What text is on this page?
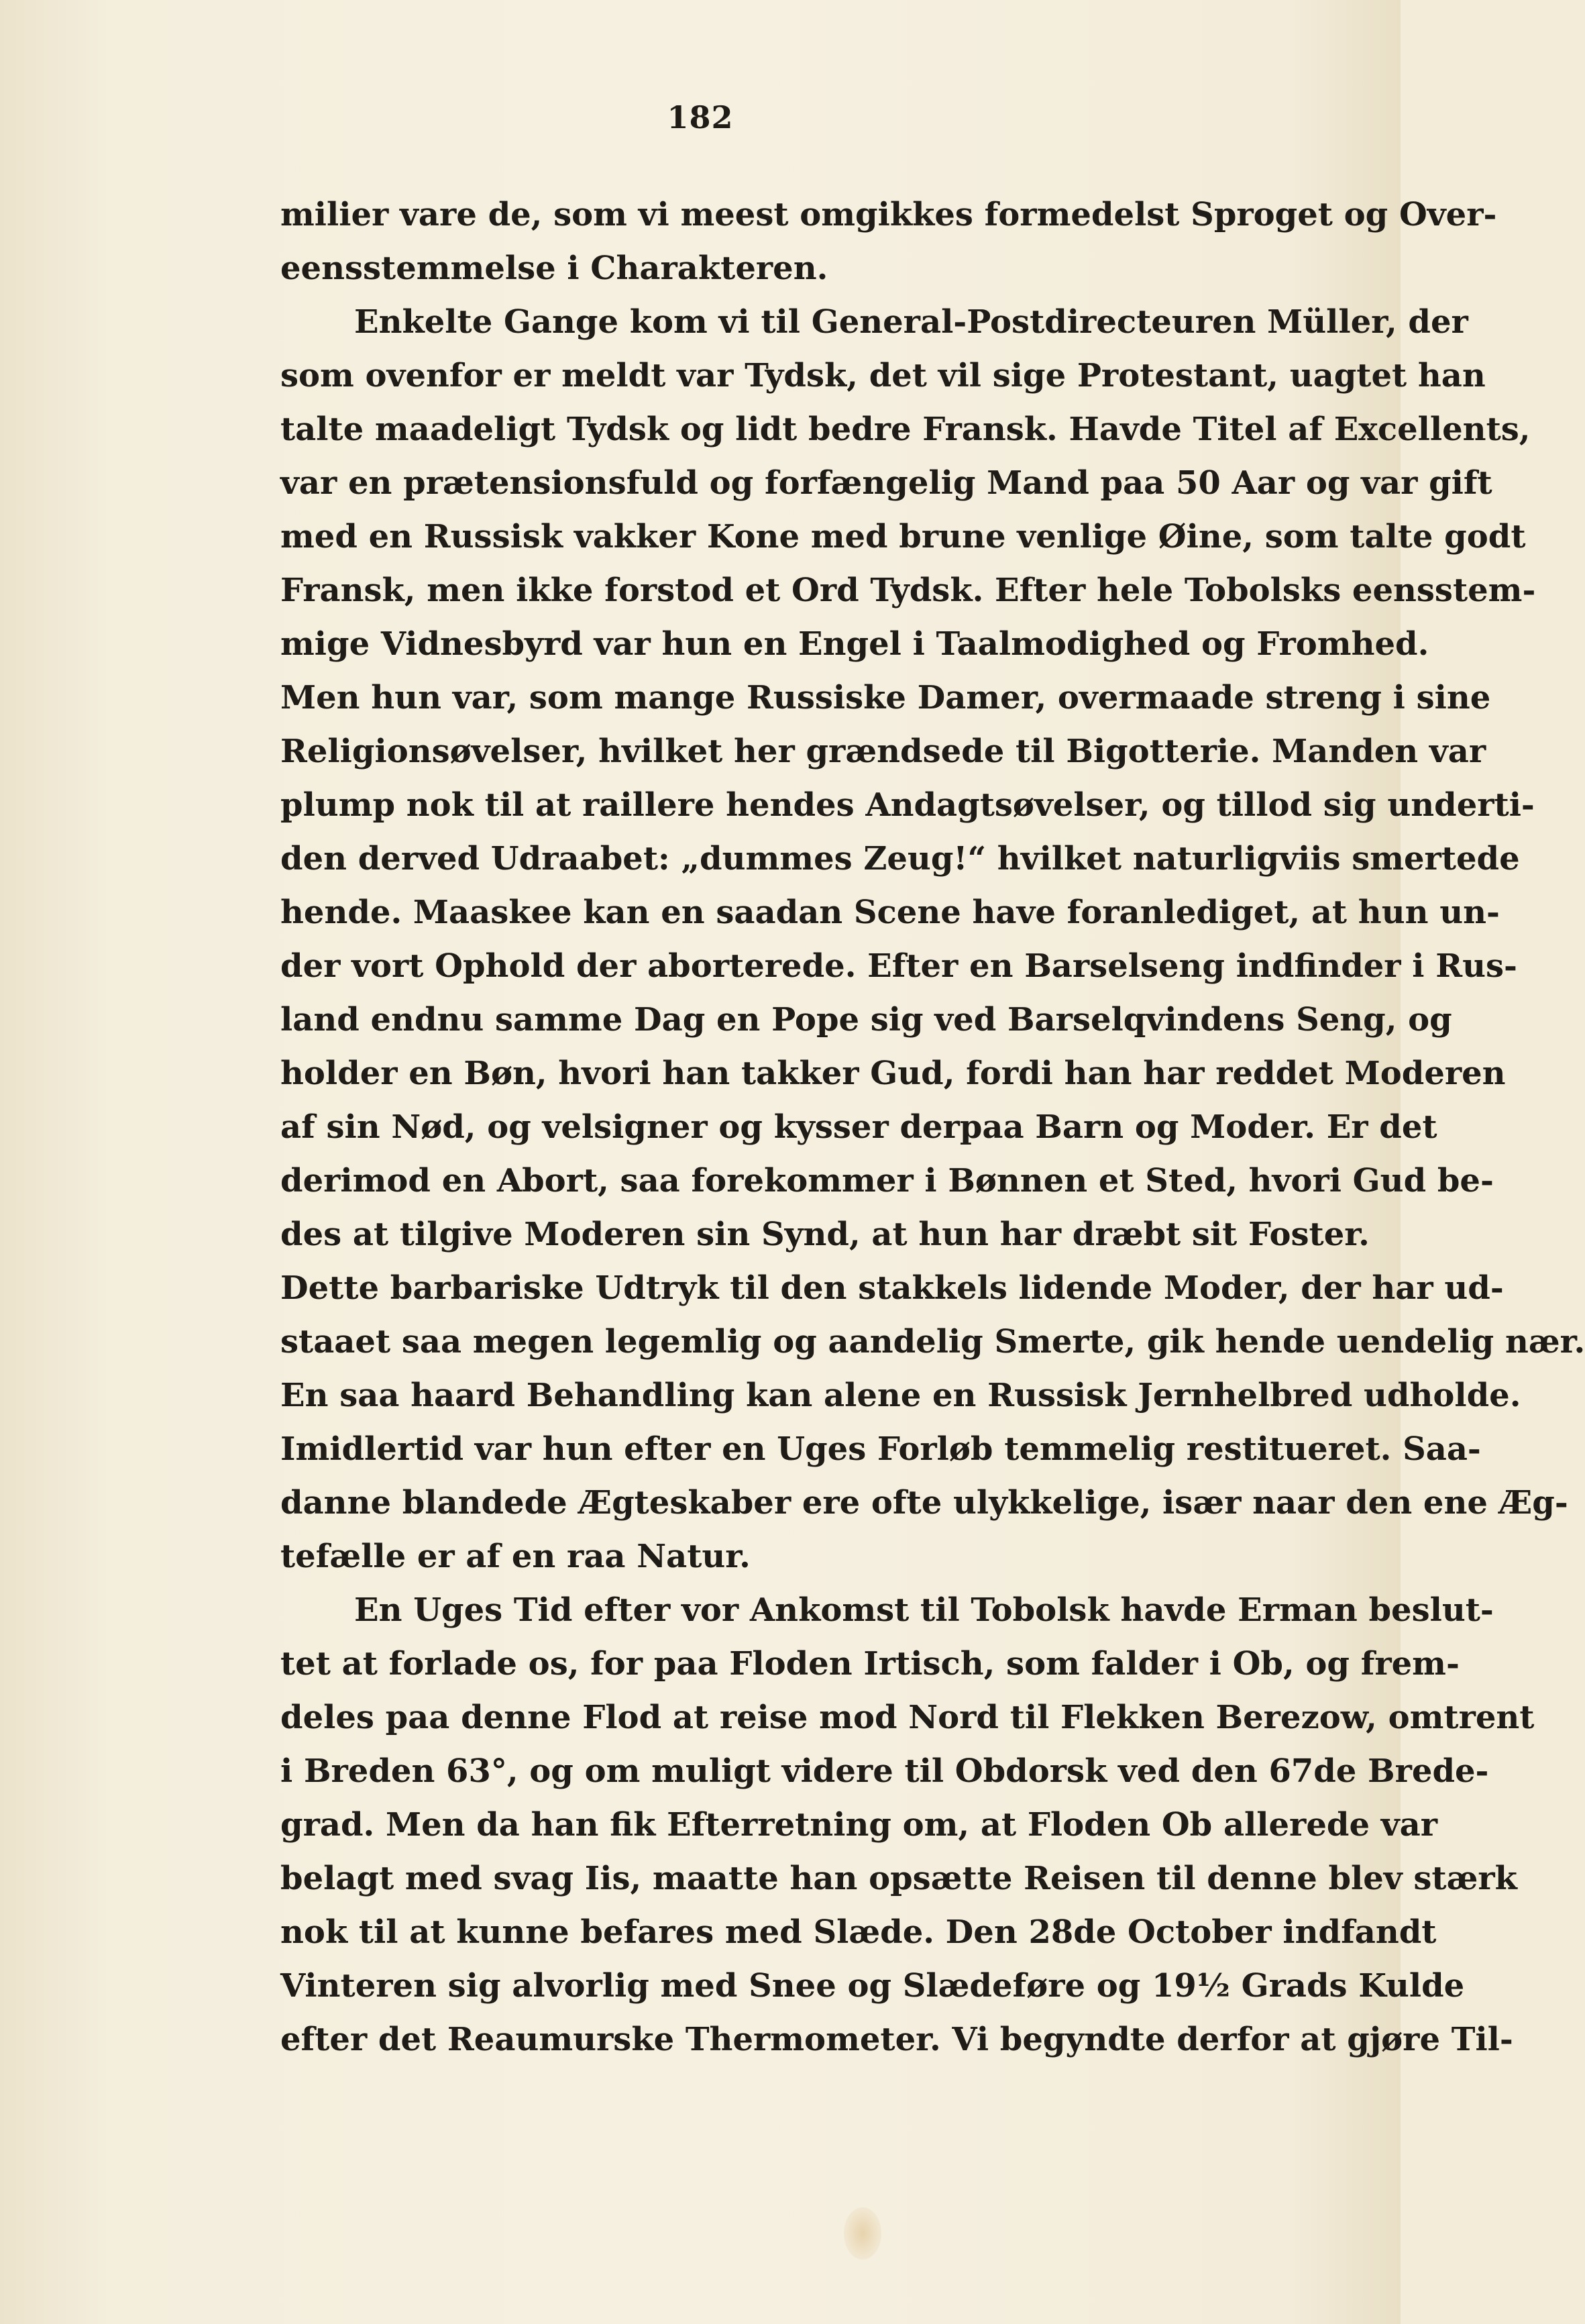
182
milier vare de, som vi meest omgikkes formedelst Sproget og Over-
eensstemmelse i Charakteren.
Enkelte Gange kom vi til General-Postdirecteuren Müller, der
som ovenfor er meldt var Tydsk, det vil sige Protestant, uagtet han
talte maadeligt Tydsk og lidt bedre Fransk. Havde Titel af Excellents,
var en prætensionsfuld og forfængelig Mand paa 50 Aar og var gift
med en Russisk vakker Kone med brune venlige Øine, som talte godt
Fransk, men ikke forstod et Ord Tydsk. Efter hele Tobolsks eensstem-
mige Vidnesbyrd var hun en Engel i Taalmodighed og Fromhed.
Men hun var, som mange Russiske Damer, overmaade streng i sine
Religionsøvelser, hvilket her grændsede til Bigotterie. Manden var
plump nok til at raillere hendes Andagtsøvelser, og tillod sig underti-
den derved Udraabet: „dummes Zeug!“ hvilket naturligviis smertede
hende. Maaskee kan en saadan Scene have foranlediget, at hun un-
der vort Ophold der aborterede. Efter en Barselseng indfinder i Rus-
land endnu samme Dag en Pope sig ved Barselqvindens Seng, og
holder en Bøn, hvori han takker Gud, fordi han har reddet Moderen
af sin Nød, og velsigner og kysser derpaa Barn og Moder. Er det
derimod en Abort, saa forekommer i Bønnen et Sted, hvori Gud be-
des at tilgive Moderen sin Synd, at hun har dræbt sit Foster.
Dette barbariske Udtryk til den stakkels lidende Moder, der har ud-
staaet saa megen legemlig og aandelig Smerte, gik hende uendelig nær.
En saa haard Behandling kan alene en Russisk Jernhelbred udholde.
Imidlertid var hun efter en Uges Forløb temmelig restitueret. Saa-
danne blandede Ægteskaber ere ofte ulykkelige, især naar den ene Æg-
tefælle er af en raa Natur.
En Uges Tid efter vor Ankomst til Tobolsk havde Erman beslut-
tet at forlade os, for paa Floden Irtisch, som falder i Ob, og frem-
deles paa denne Flod at reise mod Nord til Flekken Berezow, omtrent
i Breden 63°, og om muligt videre til Obdorsk ved den 67de Brede-
grad. Men da han fik Efterretning om, at Floden Ob allerede var
belagt med svag Iis, maatte han opsætte Reisen til denne blev stærk
nok til at kunne befares med Slæde. Den 28de October indfandt
Vinteren sig alvorlig med Snee og Slædeføre og 19½ Grads Kulde
efter det Reaumurske Thermometer. Vi begyndte derfor at gjøre Til-
